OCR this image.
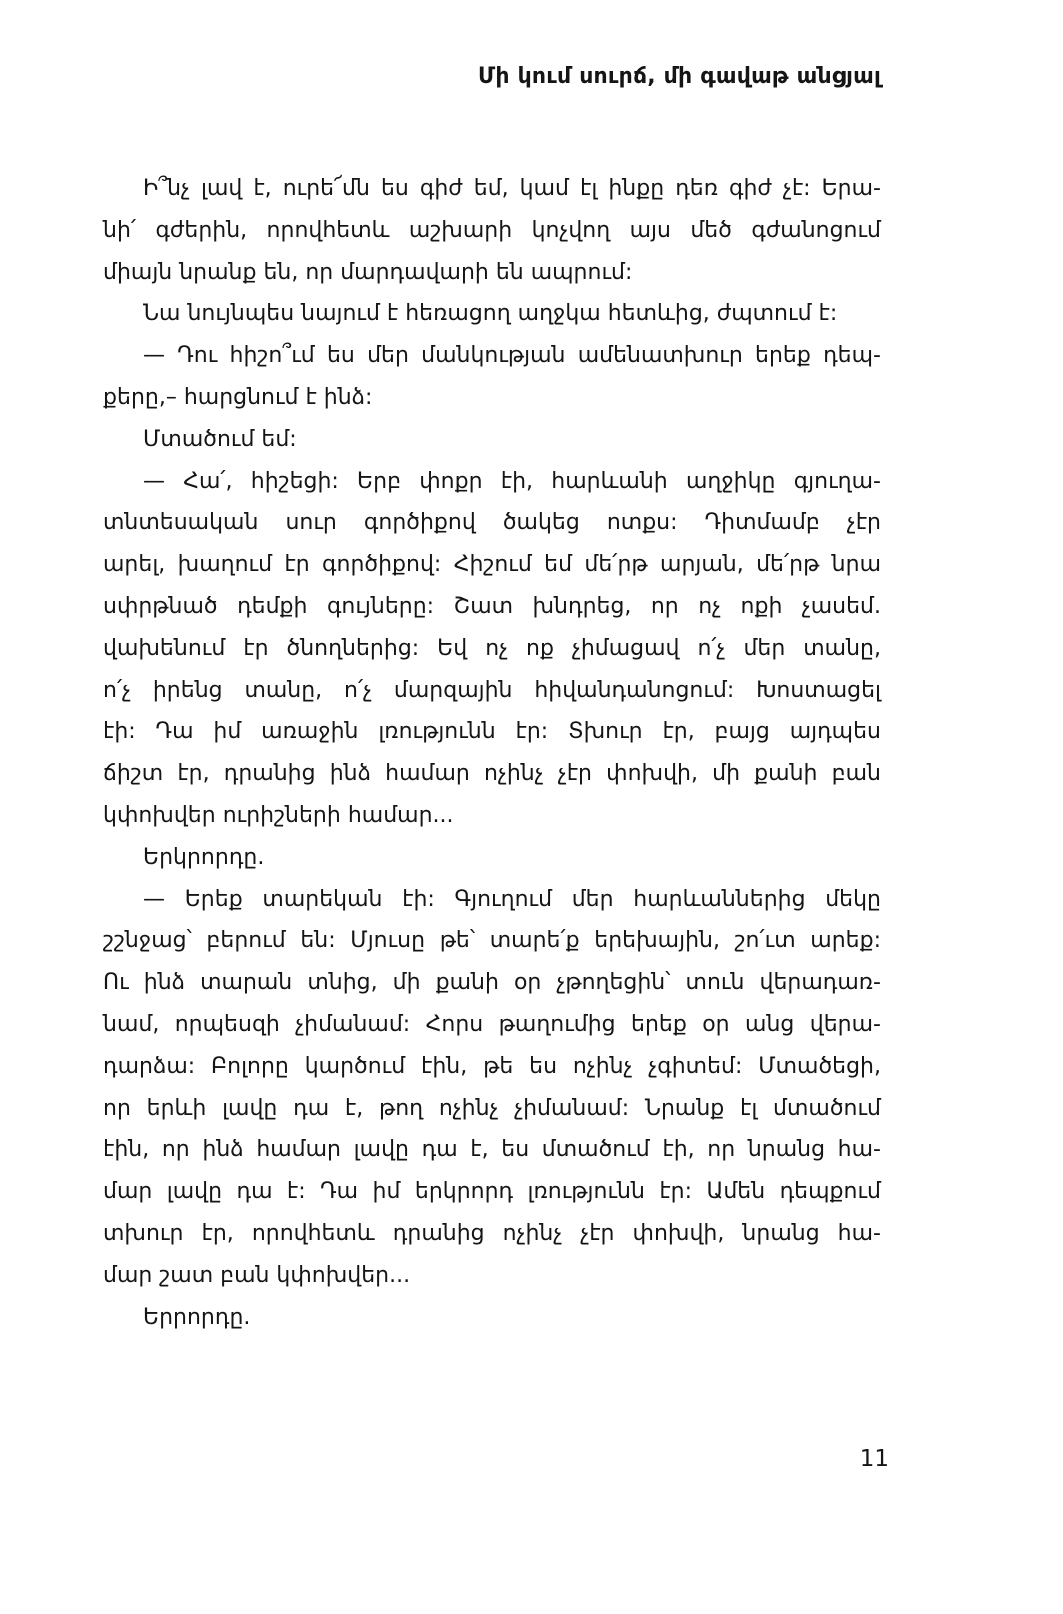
Մի կում սուրճ, մի գավաթ անցյալ
Ի՞նչ լավ է, ուրե՜մն ես գիժ եմ, կամ էլ ինքը դեռ գիժ չէ: Երա-
նի՛ գժերին, որովհետև աշխարի կոչվող այս մեծ գժանոցում
միայն նրանք են, որ մարդավարի են ապրում:
Նա նույնպես նայում է հեռացող աղջկա հետևից, ժպտում է:
— Դու հիշո՞ւմ ես մեր մանկության ամենատխուր երեք դեպ-
քերը,– հարցնում է ինձ:
Մտածում եմ:
— Հա՛, հիշեցի: Երբ փոքր էի, հարևանի աղջիկը գյուղա-
տնտեսական սուր գործիքով ծակեց ոտքս: Դիտմամբ չէր
արել, խաղում էր գործիքով: Հիշում եմ մե՛րթ արյան, մե՛րթ նրա
սփրթնած դեմքի գույները: Շատ խնդրեց, որ ոչ ոքի չասեմ.
վախենում էր ծնողներից: Եվ ոչ ոք չիմացավ ո՛չ մեր տանը,
ո՛չ իրենց տանը, ո՛չ մարզային հիվանդանոցում: Խոստացել
էի: Դա իմ առաջին լռությունն էր: Տխուր էր, բայց այդպես
ճիշտ էր, դրանից ինձ համար ոչինչ չէր փոխվի, մի քանի բան
կփոխվեր ուրիշների համար...
Երկրորդը.
— Երեք տարեկան էի: Գյուղում մեր հարևաններից մեկը
շշնջաց՝ բերում են: Մյուսը թե՝ տարե՛ք երեխային, շո՛ւտ արեք:
Ու ինձ տարան տնից, մի քանի օր չթողեցին՝ տուն վերադառ-
նամ, որպեսզի չիմանամ: Հորս թաղումից երեք օր անց վերա-
դարձա: Բոլորը կարծում էին, թե ես ոչինչ չգիտեմ: Մտածեցի,
որ երևի լավը դա է, թող ոչինչ չիմանամ: Նրանք էլ մտածում
էին, որ ինձ համար լավը դա է, ես մտածում էի, որ նրանց հա-
մար լավը դա է: Դա իմ երկրորդ լռությունն էր: Ամեն դեպքում
տխուր էր, որովհետև դրանից ոչինչ չէր փոխվի, նրանց հա-
մար շատ բան կփոխվեր...
Երրորդը.
11
